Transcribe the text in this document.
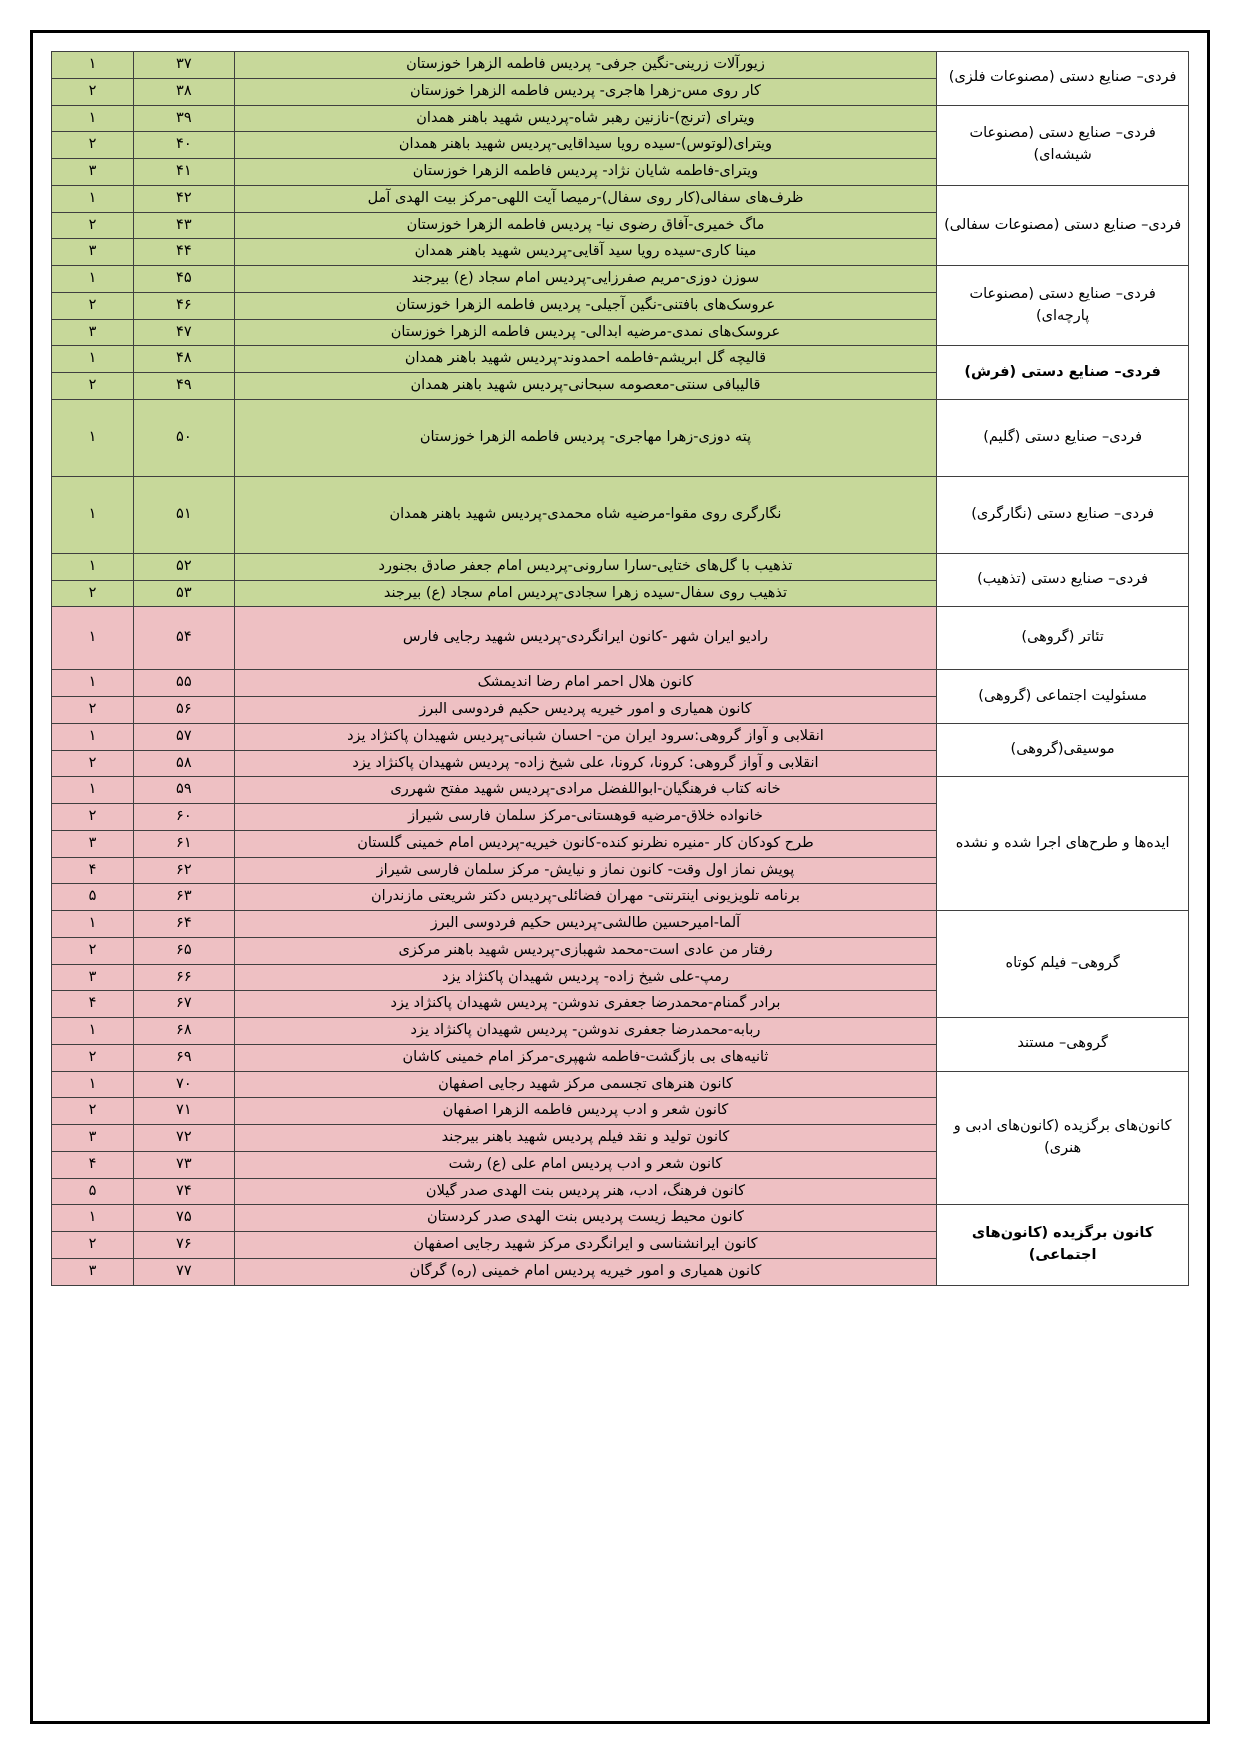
فردی– صنایع دستی (مصنوعات فلزی)	زیورآلات زرینی-نگین جرفی- پردیس فاطمه الزهرا خوزستان	۳۷	۱
	کار روی مس-زهرا هاجری- پردیس فاطمه الزهرا خوزستان	۳۸	۲
فردی– صنایع دستی (مصنوعات شیشه‌ای)	ویترای (ترنج)-نازنین رهبر شاه-پردیس شهید باهنر همدان	۳۹	۱
	ویترای(لوتوس)-سیده رویا سیداقایی-پردیس شهید باهنر همدان	۴۰	۲
	ویترای-فاطمه شایان نژاد- پردیس فاطمه الزهرا خوزستان	۴۱	۳
فردی– صنایع دستی (مصنوعات سفالی)	ظرف‌های سفالی(کار روی سفال)-رمیصا آیت اللهی-مرکز بیت الهدی آمل	۴۲	۱
	ماگ خمیری-آفاق رضوی نیا- پردیس فاطمه الزهرا خوزستان	۴۳	۲
	مینا کاری-سیده رویا سید آقایی-پردیس شهید باهنر همدان	۴۴	۳
فردی– صنایع دستی (مصنوعات پارچه‌ای)	سوزن دوزی-مریم صفرزایی-پردیس امام سجاد (ع) بیرجند	۴۵	۱
	عروسک‌های بافتنی-نگین آجیلی- پردیس فاطمه الزهرا خوزستان	۴۶	۲
	عروسک‌های نمدی-مرضیه ابدالی- پردیس فاطمه الزهرا خوزستان	۴۷	۳
فردی– صنایع دستی (فرش)	قالیچه گل ابریشم-فاطمه احمدوند-پردیس شهید باهنر همدان	۴۸	۱
	قالیبافی سنتی-معصومه سبحانی-پردیس شهید باهنر همدان	۴۹	۲
فردی– صنایع دستی (گلیم)	پته دوزی-زهرا مهاجری- پردیس فاطمه الزهرا خوزستان	۵۰	۱
فردی– صنایع دستی (نگارگری)	نگارگری روی مقوا-مرضیه شاه محمدی-پردیس شهید باهنر همدان	۵۱	۱
فردی– صنایع دستی (تذهیب)	تذهیب با گل‌های ختایی-سارا سارونی-پردیس امام جعفر صادق بجنورد	۵۲	۱
	تذهیب روی سفال-سیده زهرا سجادی-پردیس امام سجاد (ع) بیرجند	۵۳	۲
تئاتر (گروهی)	رادیو ایران شهر -کانون ایرانگردی-پردیس شهید رجایی فارس	۵۴	۱
مسئولیت اجتماعی (گروهی)	کانون هلال احمر امام رضا اندیمشک	۵۵	۱
	کانون همیاری و امور خیریه پردیس حکیم فردوسی البرز	۵۶	۲
موسیقی(گروهی)	انقلابی و آواز گروهی:سرود ایران من- احسان شبانی-پردیس شهیدان پاکنژاد یزد	۵۷	۱
	انقلابی و آواز گروهی: کرونا، کرونا، علی شیخ زاده- پردیس شهیدان پاکنژاد یزد	۵۸	۲
ایده‌ها و طرح‌های اجرا شده و نشده	خانه کتاب فرهنگیان-ابواللفضل مرادی-پردیس شهید مفتح شهرری	۵۹	۱
	خانواده خلاق-مرضیه قوهستانی-مرکز سلمان فارسی شیراز	۶۰	۲
	طرح کودکان کار -منیره نظرنو کنده-کانون خیریه-پردیس امام خمینی گلستان	۶۱	۳
	پویش نماز اول وقت- کانون نماز و نیایش- مرکز سلمان فارسی شیراز	۶۲	۴
	برنامه تلویزیونی اینترنتی- مهران فضائلی-پردیس دکتر شریعتی مازندران	۶۳	۵
گروهی– فیلم کوتاه	آلما-امیرحسین طالشی-پردیس حکیم فردوسی البرز	۶۴	۱
	رفتار من عادی است-محمد شهبازی-پردیس شهید باهنر مرکزی	۶۵	۲
	رمپ-علی شیخ زاده- پردیس شهیدان پاکنژاد یزد	۶۶	۳
	برادر گمنام-محمدرضا جعفری ندوشن- پردیس شهیدان پاکنژاد یزد	۶۷	۴
گروهی– مستند	ربابه-محمدرضا جعفری ندوشن- پردیس شهیدان پاکنژاد یزد	۶۸	۱
	ثانیه‌های بی بازگشت-فاطمه شهپری-مرکز امام خمینی کاشان	۶۹	۲
کانون‌های برگزیده (کانون‌های ادبی و هنری)	کانون هنرهای تجسمی مرکز شهید رجایی اصفهان	۷۰	۱
	کانون شعر و ادب پردیس فاطمه الزهرا اصفهان	۷۱	۲
	کانون تولید و نقد فیلم پردیس شهید باهنر بیرجند	۷۲	۳
	کانون شعر و ادب پردیس امام علی (ع) رشت	۷۳	۴
	کانون فرهنگ، ادب، هنر پردیس بنت الهدی صدر گیلان	۷۴	۵
کانون برگزیده (کانون‌های اجتماعی)	کانون محیط زیست پردیس بنت الهدی صدر کردستان	۷۵	۱
	کانون ایرانشناسی و ایرانگردی مرکز شهید رجایی اصفهان	۷۶	۲
	کانون همیاری و امور خیریه پردیس امام خمینی (ره) گرگان	۷۷	۳
